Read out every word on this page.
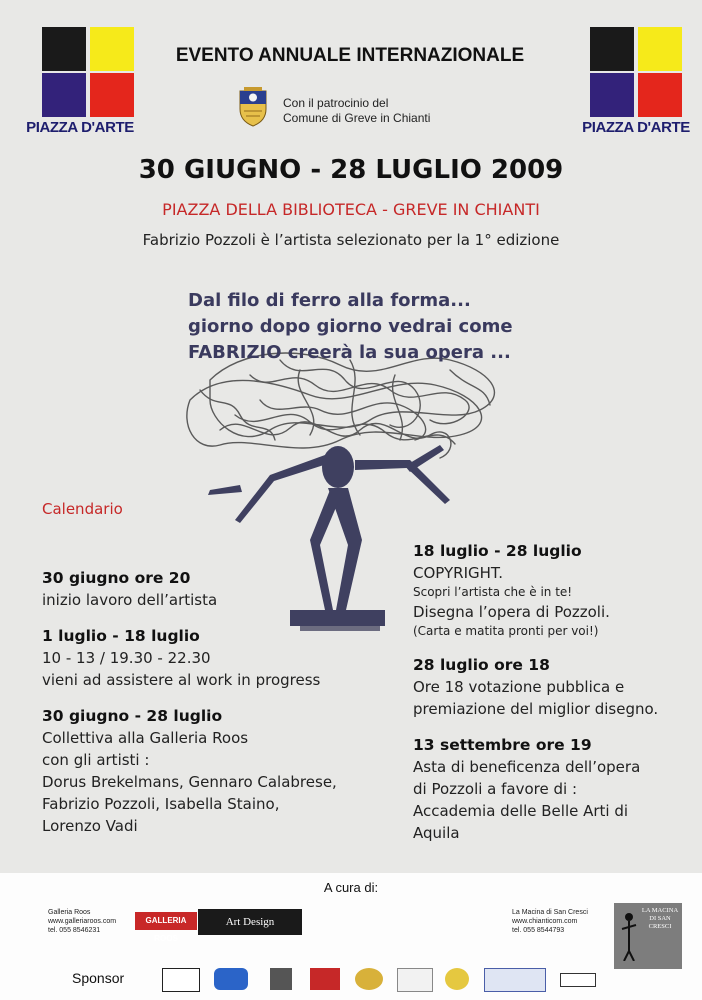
PIAZZA D'ARTE	PIAZZA D'ARTE
EVENTO ANNUALE INTERNAZIONALE
Con il patrocinio del
Comune di Greve in Chianti
30 GIUGNO - 28 LUGLIO 2009
PIAZZA DELLA BIBLIOTECA - GREVE IN CHIANTI
Fabrizio Pozzoli è l’artista selezionato per la 1° edizione
Dal filo di ferro alla forma...
giorno dopo giorno vedrai come
FABRIZIO creerà la sua opera ...
Calendario
30 giugno ore 20
inizio lavoro dell’artista
1 luglio - 18 luglio
10 - 13 / 19.30 - 22.30
vieni ad assistere al work in progress
30 giugno - 28 luglio
Collettiva alla Galleria Roos
con gli artisti :
Dorus Brekelmans, Gennaro Calabrese,
Fabrizio Pozzoli, Isabella Staino,
Lorenzo Vadi
18 luglio - 28 luglio
COPYRIGHT.
Scopri l’artista che è in te!
Disegna l’opera di Pozzoli.
(Carta e matita pronti per voi!)
28 luglio ore 18
Ore 18 votazione pubblica e
premiazione del miglior disegno.
13 settembre ore 19
Asta di beneficenza dell’opera
di Pozzoli a favore di :
Accademia delle Belle Arti di
Aquila
A cura di:
Galleria Roos
www.galleriaroos.com
tel. 055 8546231
GALLERIA ROOS
Art Design
La Macina di San Cresci
www.chianticom.com
tel. 055 8544793
LA MACINA DI SAN CRESCI
Sponsor
